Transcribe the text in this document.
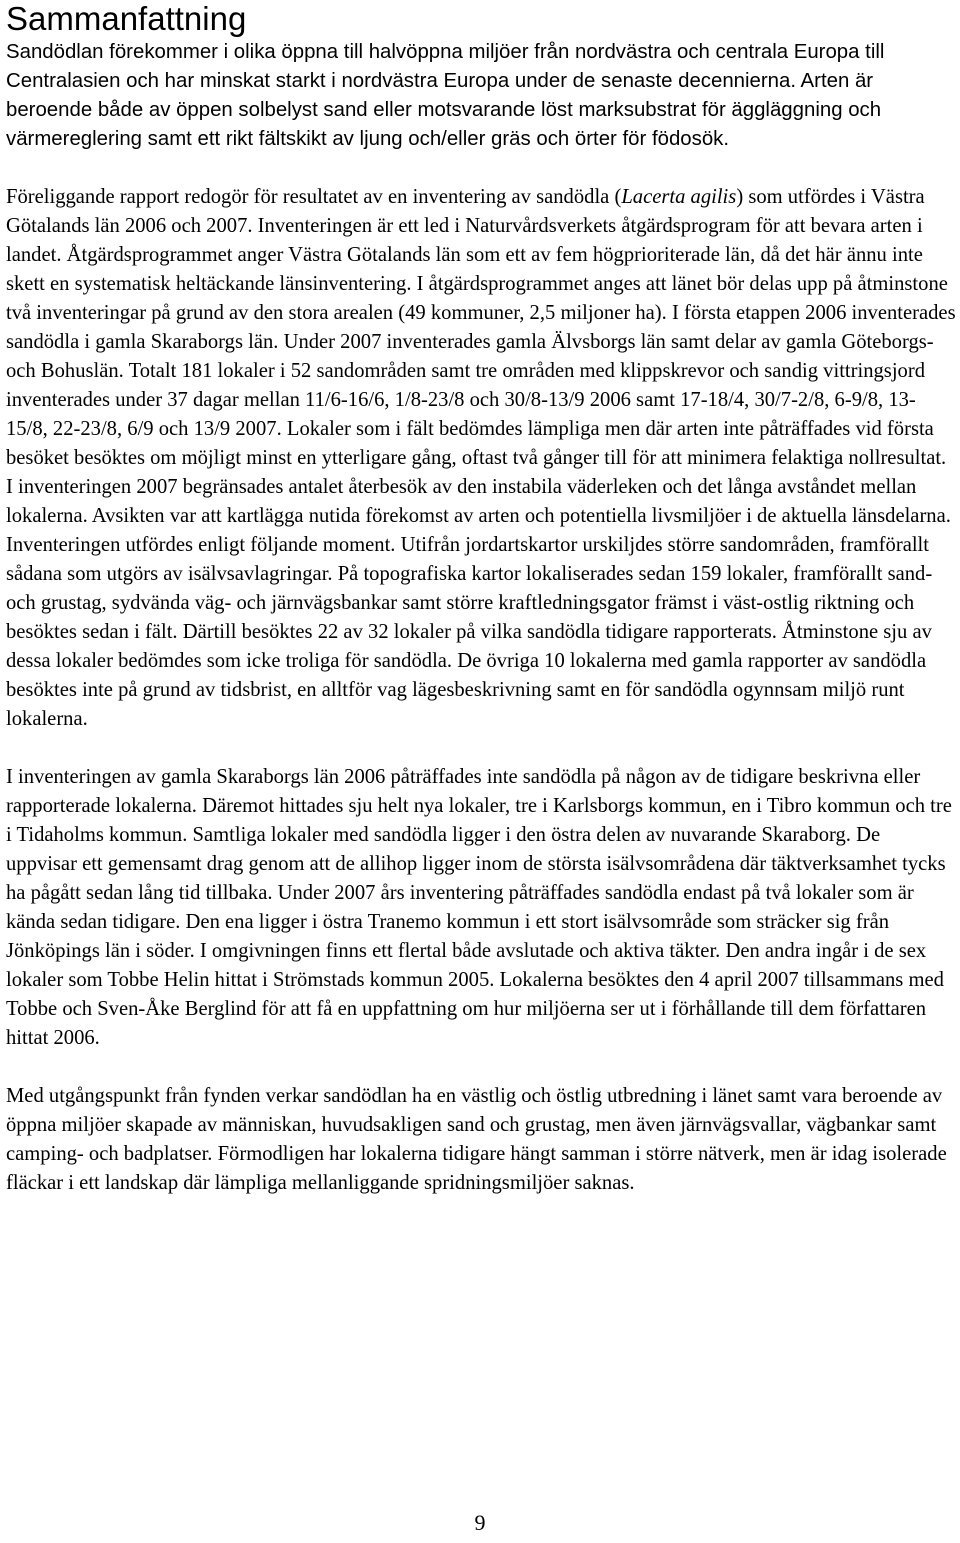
Sammanfattning

Sandödlan förekommer i olika öppna till halvöppna miljöer från nordvästra och centrala Europa till Centralasien och har minskat starkt i nordvästra Europa under de senaste decennierna. Arten är beroende både av öppen solbelyst sand eller motsvarande löst marksubstrat för äggläggning och värmereglering samt ett rikt fältskikt av ljung och/eller gräs och örter för födosök.

Föreliggande rapport redogör för resultatet av en inventering av sandödla (Lacerta agilis) som utfördes i Västra Götalands län 2006 och 2007. Inventeringen är ett led i Naturvårdsverkets åtgärdsprogram för att bevara arten i landet. Åtgärdsprogrammet anger Västra Götalands län som ett av fem högprioriterade län, då det här ännu inte skett en systematisk heltäckande länsinventering. I åtgärdsprogrammet anges att länet bör delas upp på åtminstone två inventeringar på grund av den stora arealen (49 kommuner, 2,5 miljoner ha). I första etappen 2006 inventerades sandödla i gamla Skaraborgs län. Under 2007 inventerades gamla Älvsborgs län samt delar av gamla Göteborgs- och Bohuslän. Totalt 181 lokaler i 52 sandområden samt tre områden med klippskrevor och sandig vittringsjord inventerades under 37 dagar mellan 11/6-16/6, 1/8-23/8 och 30/8-13/9 2006 samt 17-18/4, 30/7-2/8, 6-9/8, 13-15/8, 22-23/8, 6/9 och 13/9 2007. Lokaler som i fält bedömdes lämpliga men där arten inte påträffades vid första besöket besöktes om möjligt minst en ytterligare gång, oftast två gånger till för att minimera felaktiga nollresultat. I inventeringen 2007 begränsades antalet återbesök av den instabila väderleken och det långa avståndet mellan lokalerna. Avsikten var att kartlägga nutida förekomst av arten och potentiella livsmiljöer i de aktuella länsdelarna. Inventeringen utfördes enligt följande moment. Utifrån jordartskartor urskiljdes större sandområden, framförallt sådana som utgörs av isälvsavlagringar. På topografiska kartor lokaliserades sedan 159 lokaler, framförallt sand- och grustag, sydvända väg- och järnvägsbankar samt större kraftledningsgator främst i väst-ostlig riktning och besöktes sedan i fält. Därtill besöktes 22 av 32 lokaler på vilka sandödla tidigare rapporterats. Åtminstone sju av dessa lokaler bedömdes som icke troliga för sandödla. De övriga 10 lokalerna med gamla rapporter av sandödla besöktes inte på grund av tidsbrist, en alltför vag lägesbeskrivning samt en för sandödla ogynnsam miljö runt lokalerna.

I inventeringen av gamla Skaraborgs län 2006 påträffades inte sandödla på någon av de tidigare beskrivna eller rapporterade lokalerna. Däremot hittades sju helt nya lokaler, tre i Karlsborgs kommun, en i Tibro kommun och tre i Tidaholms kommun. Samtliga lokaler med sandödla ligger i den östra delen av nuvarande Skaraborg. De uppvisar ett gemensamt drag genom att de allihop ligger inom de största isälvsområdena där täktverksamhet tycks ha pågått sedan lång tid tillbaka. Under 2007 års inventering påträffades sandödla endast på två lokaler som är kända sedan tidigare. Den ena ligger i östra Tranemo kommun i ett stort isälvsområde som sträcker sig från Jönköpings län i söder. I omgivningen finns ett flertal både avslutade och aktiva täkter. Den andra ingår i de sex lokaler som Tobbe Helin hittat i Strömstads kommun 2005. Lokalerna besöktes den 4 april 2007 tillsammans med Tobbe och Sven-Åke Berglind för att få en uppfattning om hur miljöerna ser ut i förhållande till dem författaren hittat 2006.

Med utgångspunkt från fynden verkar sandödlan ha en västlig och östlig utbredning i länet samt vara beroende av öppna miljöer skapade av människan, huvudsakligen sand och grustag, men även järnvägsvallar, vägbankar samt camping- och badplatser. Förmodligen har lokalerna tidigare hängt samman i större nätverk, men är idag isolerade fläckar i ett landskap där lämpliga mellanliggande spridningsmiljöer saknas.

9
